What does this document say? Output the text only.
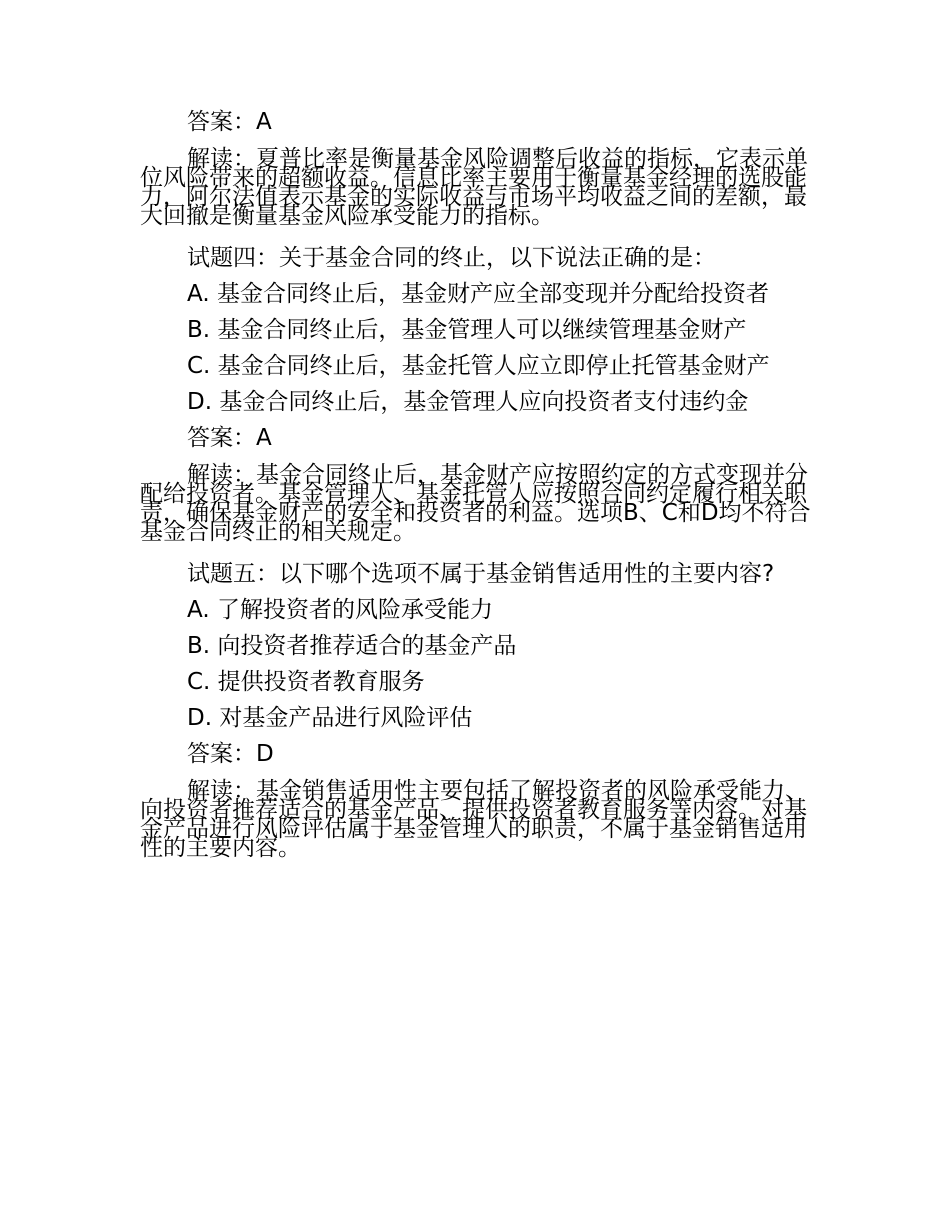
答案：A

解读：夏普比率是衡量基金风险调整后收益的指标，它表示单位风险带来的超额收益。信息比率主要用于衡量基金经理的选股能力，阿尔法值表示基金的实际收益与市场平均收益之间的差额，最大回撤是衡量基金风险承受能力的指标。

试题四：关于基金合同的终止，以下说法正确的是：

A. 基金合同终止后，基金财产应全部变现并分配给投资者

B. 基金合同终止后，基金管理人可以继续管理基金财产

C. 基金合同终止后，基金托管人应立即停止托管基金财产

D. 基金合同终止后，基金管理人应向投资者支付违约金

答案：A

解读：基金合同终止后，基金财产应按照约定的方式变现并分配给投资者。基金管理人、基金托管人应按照合同约定履行相关职责，确保基金财产的安全和投资者的利益。选项B、C和D均不符合基金合同终止的相关规定。

试题五：以下哪个选项不属于基金销售适用性的主要内容?

A. 了解投资者的风险承受能力

B. 向投资者推荐适合的基金产品

C. 提供投资者教育服务

D. 对基金产品进行风险评估

答案：D

解读：基金销售适用性主要包括了解投资者的风险承受能力、向投资者推荐适合的基金产品、提供投资者教育服务等内容。对基金产品进行风险评估属于基金管理人的职责，不属于基金销售适用性的主要内容。
